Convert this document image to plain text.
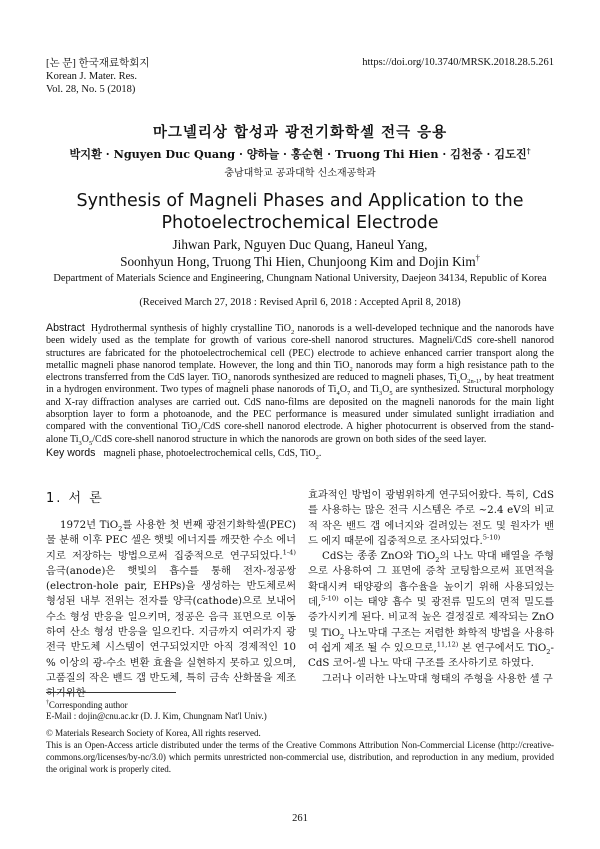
[논 문] 한국재료학회지
Korean J. Mater. Res.
Vol. 28, No. 5 (2018)
https://doi.org/10.3740/MRSK.2018.28.5.261
마그넬리상 합성과 광전기화학셀 전극 응용
박지환 · Nguyen Duc Quang · 양하늘 · 홍순현 · Truong Thi Hien · 김천중 · 김도진†
충남대학교 공과대학 신소재공학과
Synthesis of Magneli Phases and Application to the
Photoelectrochemical Electrode
Jihwan Park, Nguyen Duc Quang, Haneul Yang,
Soonhyun Hong, Truong Thi Hien, Chunjoong Kim and Dojin Kim†
Department of Materials Science and Engineering, Chungnam National University, Daejeon 34134, Republic of Korea
(Received March 27, 2018 : Revised April 6, 2018 : Accepted April 8, 2018)
Abstract Hydrothermal synthesis of highly crystalline TiO$_2$ nanorods is a well-developed technique and the nanorods have been widely used as the template for growth of various core-shell nanorod structures. Magneli/CdS core-shell nanorod structures are fabricated for the photoelectrochemical cell (PEC) electrode to achieve enhanced carrier transport along the metallic magneli phase nanorod template. However, the long and thin TiO$_2$ nanorods may form a high resistance path to the electrons transferred from the CdS layer. TiO$_2$ nanorods synthesized are reduced to magneli phases, $Ti_nO_{2n-1}$, by heat treatment in a hydrogen environment. Two types of magneli phase nanorods of $Ti_4O_7$ and $Ti_3O_5$ are synthesized. Structural morphology and X-ray diffraction analyses are carried out. CdS nano-films are deposited on the magneli nanorods for the main light absorption layer to form a photoanode, and the PEC performance is measured under simulated sunlight irradiation and compared with the conventional TiO$_2$/CdS core-shell nanorod electrode. A higher photocurrent is observed from the stand-alone $Ti_3O_5$/CdS core-shell nanorod structure in which the nanorods are grown on both sides of the seed layer.
Key words magneli phase, photoelectrochemical cells, CdS, TiO$_2$.
1. 서 론

1972년 TiO$_2$를 사용한 첫 번째 광전기화학셀(PEC) 물 분해 이후 PEC 셀은 햇빛 에너지를 깨끗한 수소 에너지로 저장하는 방법으로써 집중적으로 연구되었다.$^{1-4)}$ 음극(anode)은 햇빛의 흡수를 통해 전자-정공쌍(electron-hole pair, EHPs)을 생성하는 반도체로써 형성된 내부 전위는 전자를 양극(cathode)으로 보내어 수소 형성 반응을 일으키며, 정공은 음극 표면으로 이동하여 산소 형성 반응을 일으킨다. 지금까지 여러가지 광전극 반도체 시스템이 연구되었지만 아직 경제적인 10 % 이상의 광-수소 변환 효율을 실현하지 못하고 있으며, 고품질의 작은 밴드 갭 반도체, 특히 금속 산화물을 제조하기위한

효과적인 방법이 광범위하게 연구되어왔다. 특히, CdS를 사용하는 많은 전극 시스템은 주로 ~2.4 eV의 비교적 작은 밴드 갭 에너지와 걸려있는 전도 및 원자가 밴드 에지 때문에 집중적으로 조사되었다.$^{5-10)}$

CdS는 종종 ZnO와 TiO$_2$의 나노 막대 배열을 주형으로 사용하여 그 표면에 증착 코팅함으로써 표면적을 확대시켜 태양광의 흡수율을 높이기 위해 사용되었는데,$^{5-10)}$ 이는 태양 흡수 및 광전류 밀도의 면적 밀도를 증가시키게 된다. 비교적 높은 결정질로 제작되는 ZnO 및 TiO$_2$ 나노막대 구조는 저렴한 화학적 방법을 사용하여 쉽게 제조 될 수 있으므로,$^{11,12)}$ 본 연구에서도 TiO$_2$-CdS 코어-셀 나노 막대 구조를 조사하기로 하였다.

그러나 이러한 나노막대 형태의 주형을 사용한 셀 구

†Corresponding author
E-Mail : dojin@cnu.ac.kr (D. J. Kim, Chungnam Nat'l Univ.)
© Materials Research Society of Korea, All rights reserved.
This is an Open-Access article distributed under the terms of the Creative Commons Attribution Non-Commercial License (http://creative-commons.org/licenses/by-nc/3.0) which permits unrestricted non-commercial use, distribution, and reproduction in any medium, provided the original work is properly cited.
261
